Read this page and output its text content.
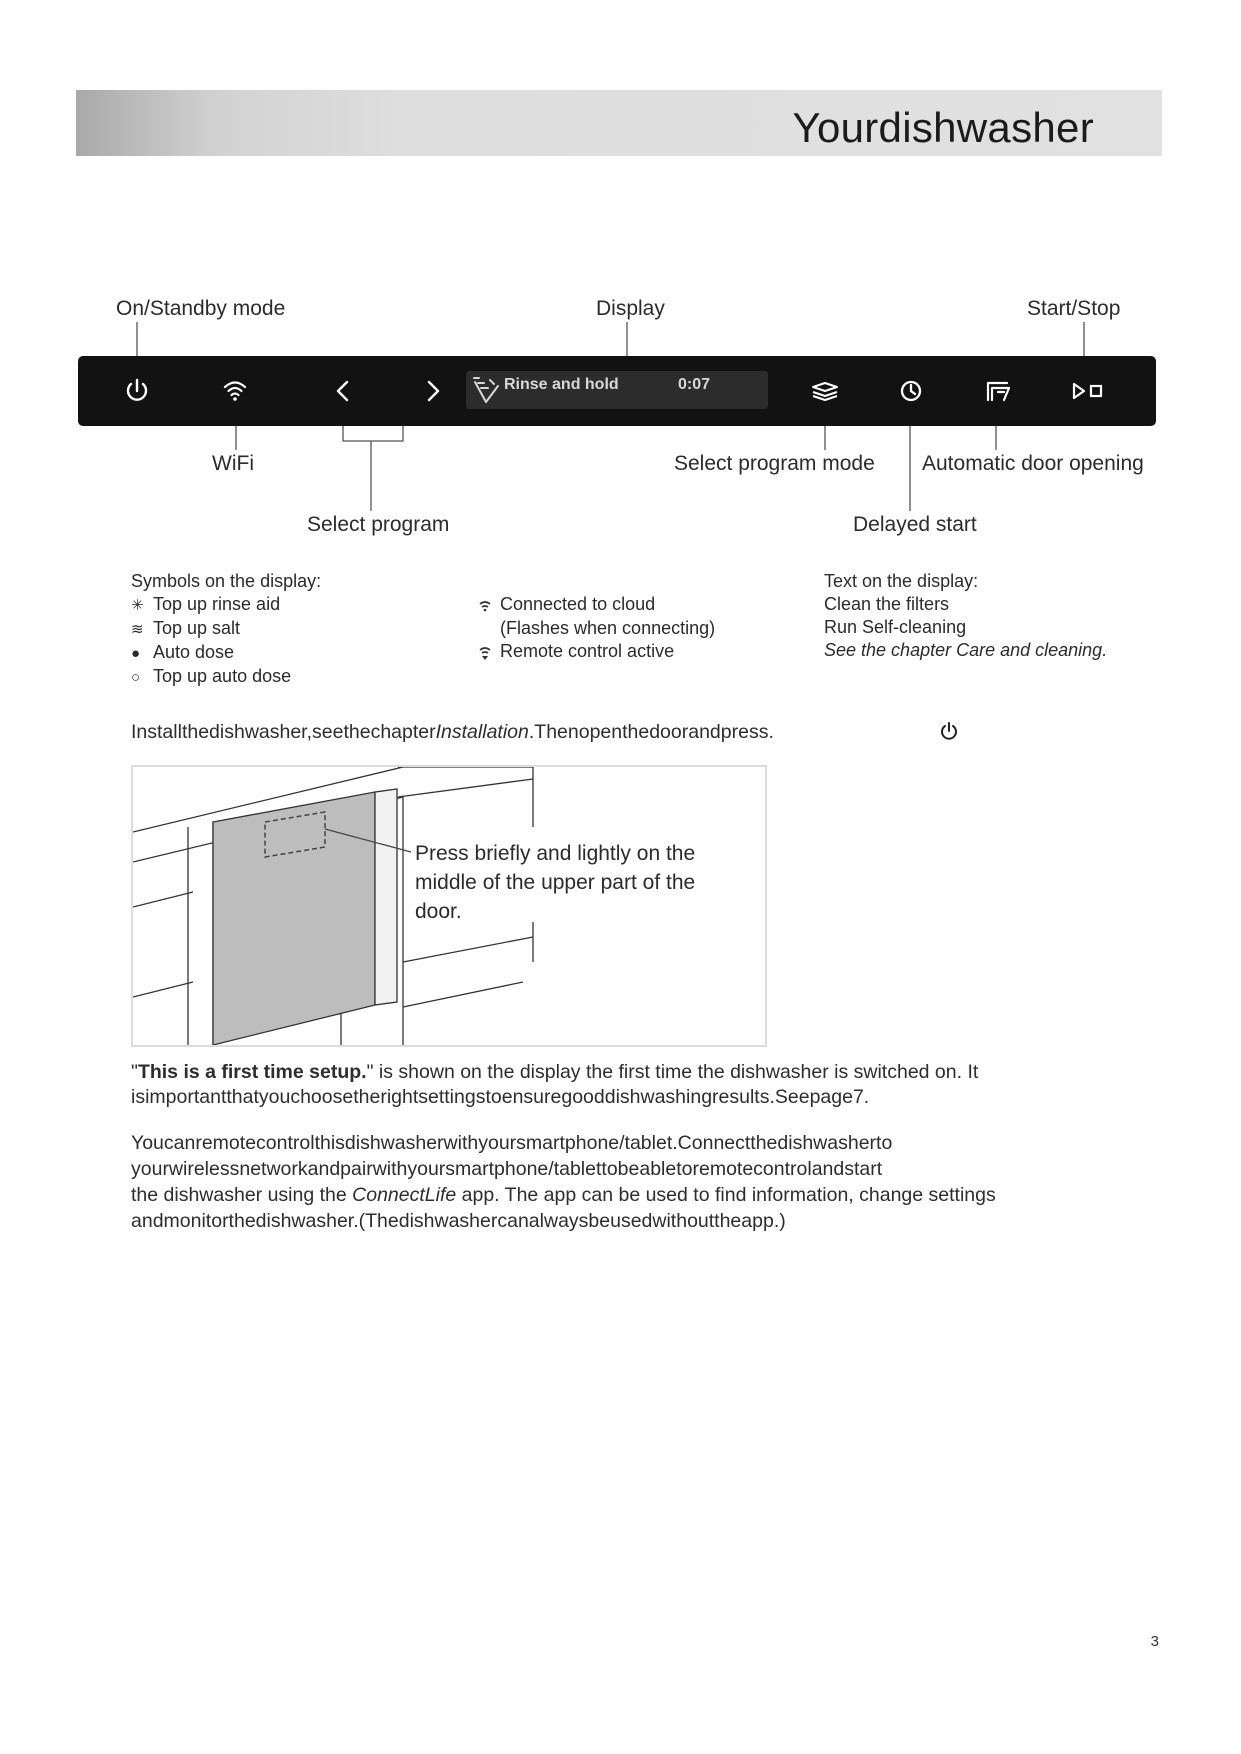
Yourdishwasher
On/Standby mode	Display	Start/Stop
WiFi	Select program mode Automatic door opening
Select program	Delayed start
Rinse and hold	0:07
Symbols on the display:
✳ Top up rinse aid
≋ Top up salt
● Auto dose
○ Top up auto dose
Connected to cloud
(Flashes when connecting)
Remote control active
Text on the display:
Clean the filters
Run Self-cleaning
See the chapter Care and cleaning.
Installthedishwasher,seethechapterInstallation.Thenopenthedoorandpress.
Press briefly and lightly on the
middle of the upper part of the
door.
"This is a first time setup." is shown on the display the first time the dishwasher is switched on. It
isimportantthatyouchoosetherightsettingstoensuregooddishwashingresults.Seepage7.
Youcanremotecontrolthisdishwasherwithyoursmartphone/tablet.Connectthedishwasherto
yourwirelessnetworkandpairwithyoursmartphone/tablettobeabletoremotecontrolandstart
the dishwasher using the ConnectLife app. The app can be used to find information, change settings
andmonitorthedishwasher.(Thedishwashercanalwaysbeusedwithouttheapp.)
3
